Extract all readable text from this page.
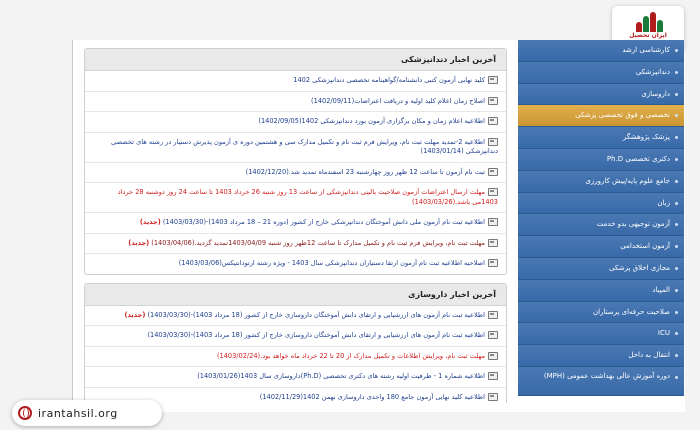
ایران تحصیل
آخرین اخبار دندانپزشکی
کلید نهایی آزمون کتبی دانشنامه/گواهینامه تخصصی دندانپزشکی 1402
اصلاح زمان اعلام کلید اولیه و دریافت اعتراضات(1402/09/11)
اطلاعیه اعلام زمان و مکان برگزاری آزمون بورد دندانپزشکی 1402(1402/09/05)
اطلاعیه 2-تمدید مهلت ثبت نام، ویرایش فرم ثبت نام و تکمیل مدارک سی و هشتمین دوره ی آزمون پذیرش دستیار در رشته های تخصصی دندانپزشکی (1403/01/14)
ثبت نام آزمون تا ساعت 12 ظهر روز چهارشنبه 23 اسفندماه تمدید شد.(1402/12/20)
مهلت ارسال اعتراضات آزمون صلاحیت بالینی دندانپزشکی از ساعت 13 روز شنبه 26 خرداد 1403 تا ساعت 24 روز دوشنبه 28 خرداد 1403می باشد.(1403/03/26)
اطلاعیه ثبت نام آزمون ملی دانش آموختگان دندانپزشکی خارج از کشور (دوره 21 – 18 مرداد 1403)-(1403/03/30) (جدید)
مهلت ثبت نام، ویرایش فرم ثبت نام و تکمیل مدارک تا ساعت 12ظهر روز شنبه 1403/04/09تمدید گردید.(1403/04/06) (جدید)
اصلاحیه اطلاعیه ثبت نام آزمون ارتقا دستیاران دندانپزشکی سال 1403 - ویژه رشته ارتودانتیکس(1403/03/06)
آخرین اخبار داروسازی
اطلاعیه ثبت نام آزمون های ارزشیابی و ارتقای دانش آموختگان داروسازی خارج از کشور (18 مرداد 1403)-(1403/03/30) (جدید)
اطلاعیه ثبت نام آزمون های ارزشیابی و ارتقای دانش آموختگان داروسازی خارج از کشور (18 مرداد 1403)-(1403/03/30)
مهلت ثبت نام، ویرایش اطلاعات و تکمیل مدارک از 20 تا 22 خرداد ماه خواهد بود.(1403/02/24)
اطلاعیه شماره 1 - ظرفیت اولیه رشته های دکتری تخصصی (Ph.D)داروسازی سال 1403(1403/01/26)
اطلاعیه کلید نهایی آزمون جامع 180 واحدی داروسازی بهمن 1402(1402/11/29)
کارشناسی ارشد
دندانپزشکی
داروسازی
تخصصی و فوق تخصصی پزشکی
پزشک پژوهشگر
دکتری تخصصی Ph.D
جامع علوم پایه/پیش کارورزی
زبان
آزمون توجیهی بدو خدمت
آزمون استخدامی
مجازی اخلاق پزشکی
المپیاد
صلاحیت حرفه‌ای پرستاران
ICU
انتقال به داخل
دوره آموزش عالی بهداشت عمومی (MPH)
irantahsil.org
